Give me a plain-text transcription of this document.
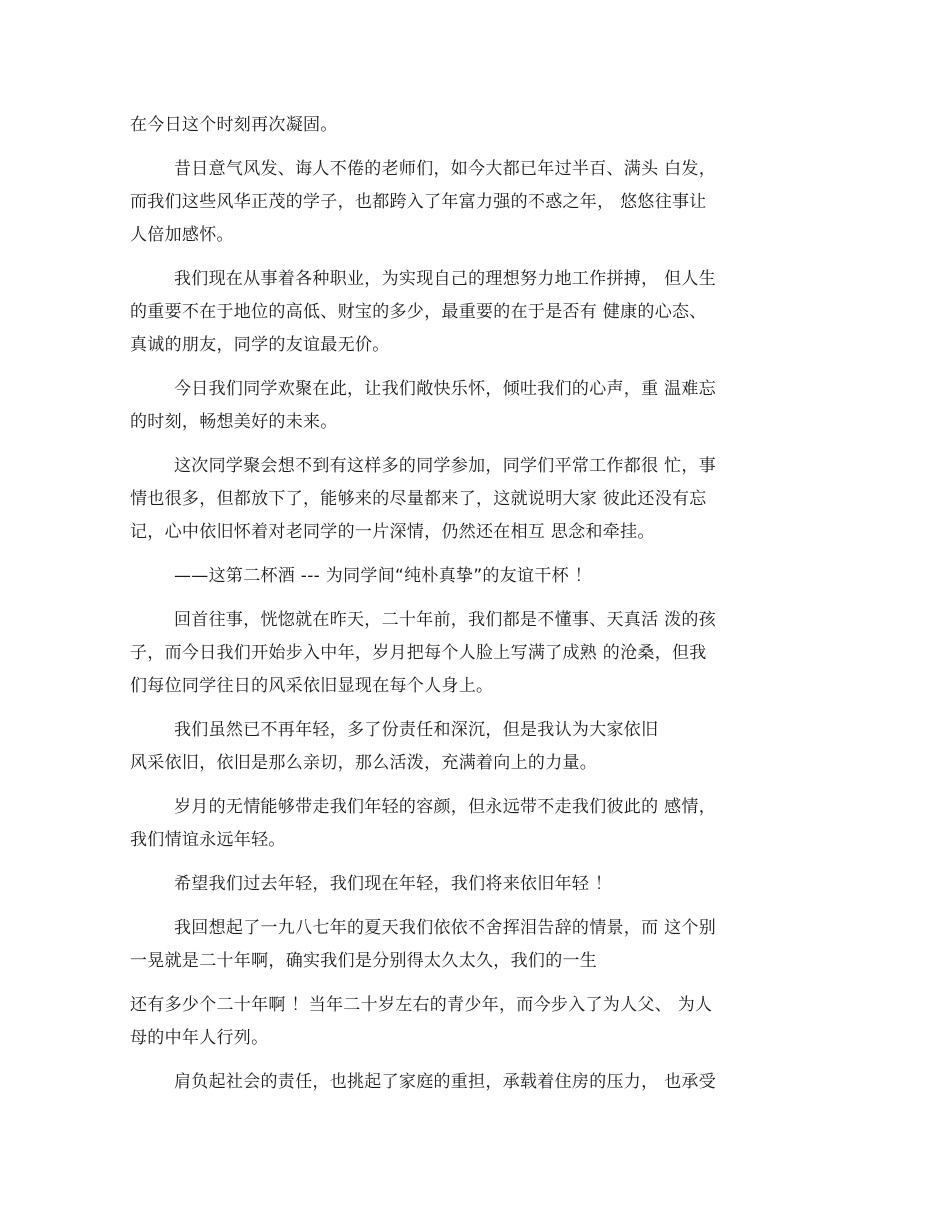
在今日这个时刻再次凝固。

昔日意气风发、诲人不倦的老师们，如今大都已年过半百、满头 白发，

而我们这些风华正茂的学子，也都跨入了年富力强的不惑之年， 悠悠往事让

人倍加感怀。

我们现在从事着各种职业，为实现自己的理想努力地工作拼搏， 但人生

的重要不在于地位的高低、财宝的多少，最重要的在于是否有 健康的心态、

真诚的朋友，同学的友谊最无价。

今日我们同学欢聚在此，让我们敞快乐怀，倾吐我们的心声，重 温难忘

的时刻，畅想美好的未来。

这次同学聚会想不到有这样多的同学参加，同学们平常工作都很 忙，事

情也很多，但都放下了，能够来的尽量都来了，这就说明大家 彼此还没有忘

记，心中依旧怀着对老同学的一片深情，仍然还在相互 思念和牵挂。

——这第二杯酒 --- 为同学间“纯朴真挚”的友谊干杯 ！

回首往事，恍惚就在昨天，二十年前，我们都是不懂事、天真活 泼的孩

子，而今日我们开始步入中年，岁月把每个人脸上写满了成熟 的沧桑，但我

们每位同学往日的风采依旧显现在每个人身上。

我们虽然已不再年轻，多了份责任和深沉，但是我认为大家依旧

风采依旧，依旧是那么亲切，那么活泼，充满着向上的力量。

岁月的无情能够带走我们年轻的容颜，但永远带不走我们彼此的 感情，

我们情谊永远年轻。

希望我们过去年轻，我们现在年轻，我们将来依旧年轻 ！

我回想起了一九八七年的夏天我们依依不舍挥泪告辞的情景，而 这个别

一晃就是二十年啊，确实我们是分别得太久太久，我们的一生

还有多少个二十年啊 ！当年二十岁左右的青少年，而今步入了为人父、 为人

母的中年人行列。

肩负起社会的责任，也挑起了家庭的重担，承载着住房的压力， 也承受
